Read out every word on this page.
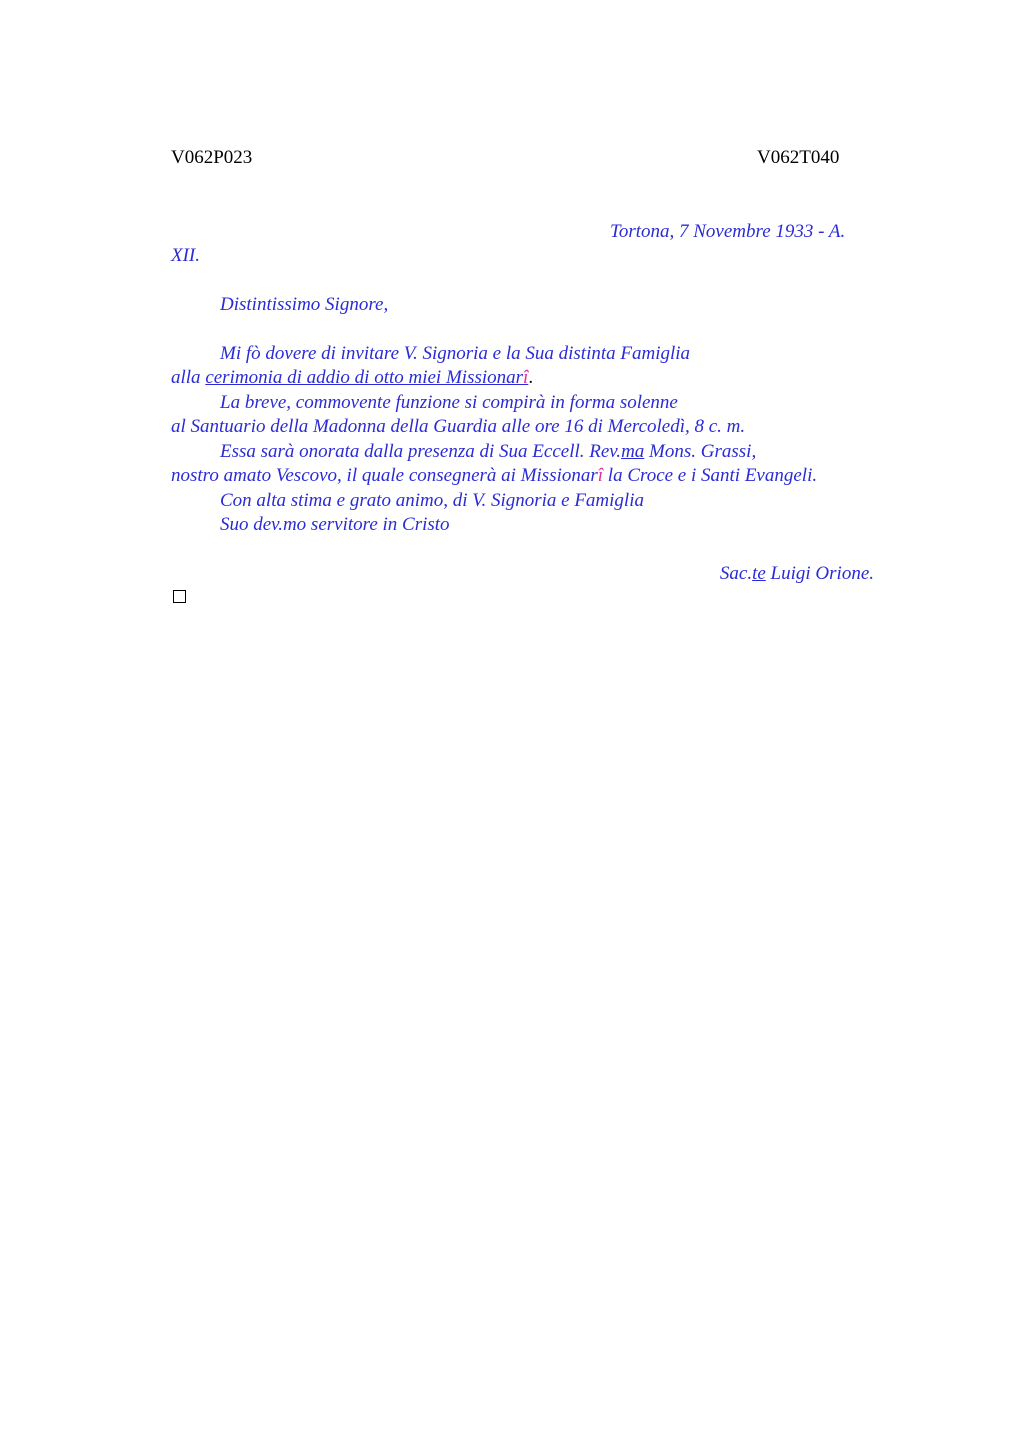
V062P023	V062T040
Tortona, 7 Novembre 1933 - A.
XII.
Distintissimo Signore,
Mi fò dovere di invitare V. Signoria e la Sua distinta Famiglia
alla cerimonia di addio di otto miei Missionarî.
La breve, commovente funzione si compirà in forma solenne
al Santuario della Madonna della Guardia alle ore 16 di Mercoledì, 8 c. m.
Essa sarà onorata dalla presenza di Sua Eccell. Rev.ma Mons. Grassi,
nostro amato Vescovo, il quale consegnerà ai Missionarî la Croce e i Santi Evangeli.
Con alta stima e grato animo, di V. Signoria e Famiglia
Suo dev.mo servitore in Cristo
Sac.te Luigi Orione.
